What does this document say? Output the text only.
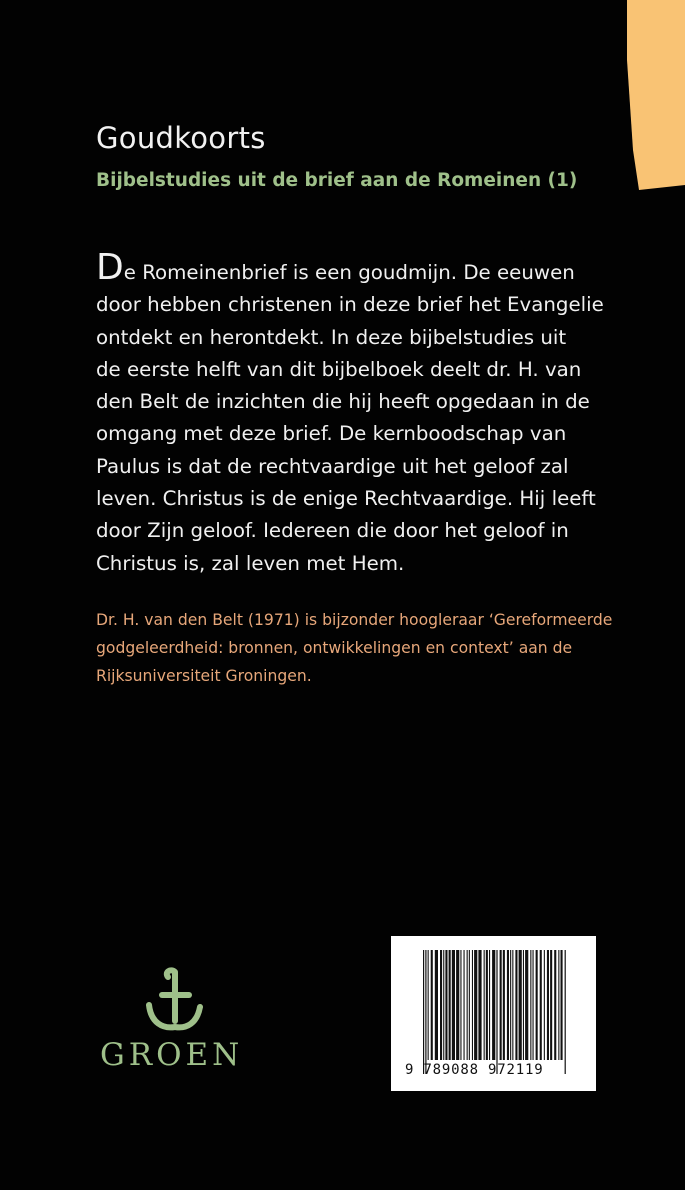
Goudkoorts
Bijbelstudies uit de brief aan de Romeinen (1)
De Romeinenbrief is een goudmijn. De eeuwen
door hebben christenen in deze brief het Evangelie
ontdekt en herontdekt. In deze bijbelstudies uit
de eerste helft van dit bijbelboek deelt dr. H. van
den Belt de inzichten die hij heeft opgedaan in de
omgang met deze brief. De kernboodschap van
Paulus is dat de rechtvaardige uit het geloof zal
leven. Christus is de enige Rechtvaardige. Hij leeft
door Zijn geloof. Iedereen die door het geloof in
Christus is, zal leven met Hem.
Dr. H. van den Belt (1971) is bijzonder hoogleraar ‘Gereformeerde
godgeleerdheid: bronnen, ontwikkelingen en context’ aan de
Rijksuniversiteit Groningen.
GROEN	9 789088 972119
